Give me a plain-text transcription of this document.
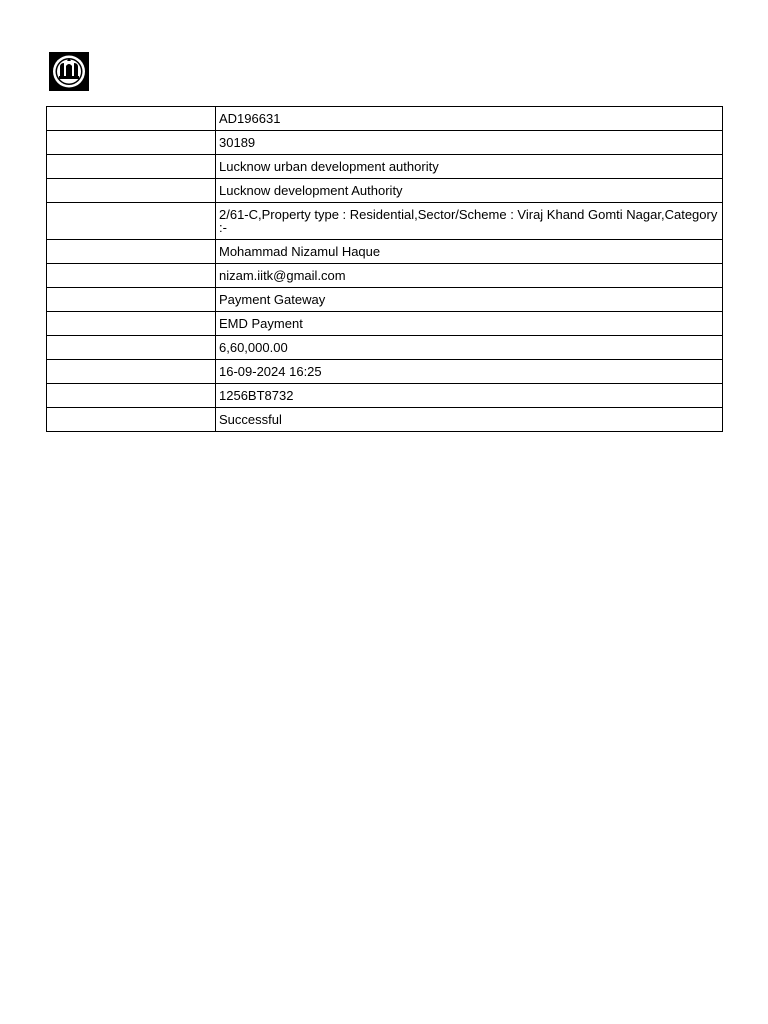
	AD196631
	30189
	Lucknow urban development authority
	Lucknow development Authority
	2/61-C,Property type : Residential,Sector/Scheme : Viraj Khand Gomti Nagar,Category :-
	Mohammad Nizamul Haque
	nizam.iitk@gmail.com
	Payment Gateway
	EMD Payment
	6,60,000.00
	16-09-2024 16:25
	1256BT8732
	Successful
